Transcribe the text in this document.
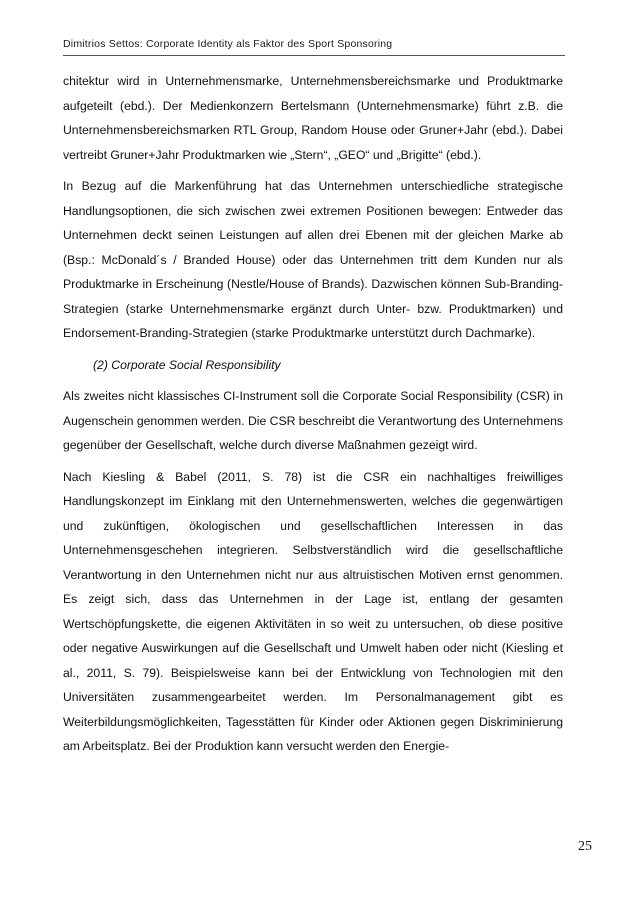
Dimitrios Settos: Corporate Identity als Faktor des Sport Sponsoring

chitektur wird in Unternehmensmarke, Unternehmensbereichsmarke und Produktmarke aufgeteilt (ebd.). Der Medienkonzern Bertelsmann (Unternehmensmarke) führt z.B. die Unternehmensbereichsmarken RTL Group, Random House oder Gruner+Jahr (ebd.). Dabei vertreibt Gruner+Jahr Produktmarken wie „Stern“, „GEO“ und „Brigitte“ (ebd.).

In Bezug auf die Markenführung hat das Unternehmen unterschiedliche strategische Handlungsoptionen, die sich zwischen zwei extremen Positionen bewegen: Entweder das Unternehmen deckt seinen Leistungen auf allen drei Ebenen mit der gleichen Marke ab (Bsp.: McDonald´s / Branded House) oder das Unternehmen tritt dem Kunden nur als Produktmarke in Erscheinung (Nestle/House of Brands). Dazwischen können Sub-Branding-Strategien (starke Unternehmensmarke ergänzt durch Unter- bzw. Produktmarken) und Endorsement-Branding-Strategien (starke Produktmarke unterstützt durch Dachmarke).

(2) Corporate Social Responsibility

Als zweites nicht klassisches CI-Instrument soll die Corporate Social Responsibility (CSR) in Augenschein genommen werden. Die CSR beschreibt die Verantwortung des Unternehmens gegenüber der Gesellschaft, welche durch diverse Maßnahmen gezeigt wird.

Nach Kiesling & Babel (2011, S. 78) ist die CSR ein nachhaltiges freiwilliges Handlungskonzept im Einklang mit den Unternehmenswerten, welches die gegenwärtigen und zukünftigen, ökologischen und gesellschaftlichen Interessen in das Unternehmensgeschehen integrieren. Selbstverständlich wird die gesellschaftliche Verantwortung in den Unternehmen nicht nur aus altruistischen Motiven ernst genommen. Es zeigt sich, dass das Unternehmen in der Lage ist, entlang der gesamten Wertschöpfungskette, die eigenen Aktivitäten in so weit zu untersuchen, ob diese positive oder negative Auswirkungen auf die Gesellschaft und Umwelt haben oder nicht (Kiesling et al., 2011, S. 79). Beispielsweise kann bei der Entwicklung von Technologien mit den Universitäten zusammengearbeitet werden. Im Personalmanagement gibt es Weiterbildungsmöglichkeiten, Tagesstätten für Kinder oder Aktionen gegen Diskriminierung am Arbeitsplatz. Bei der Produktion kann versucht werden den Energie-

25
